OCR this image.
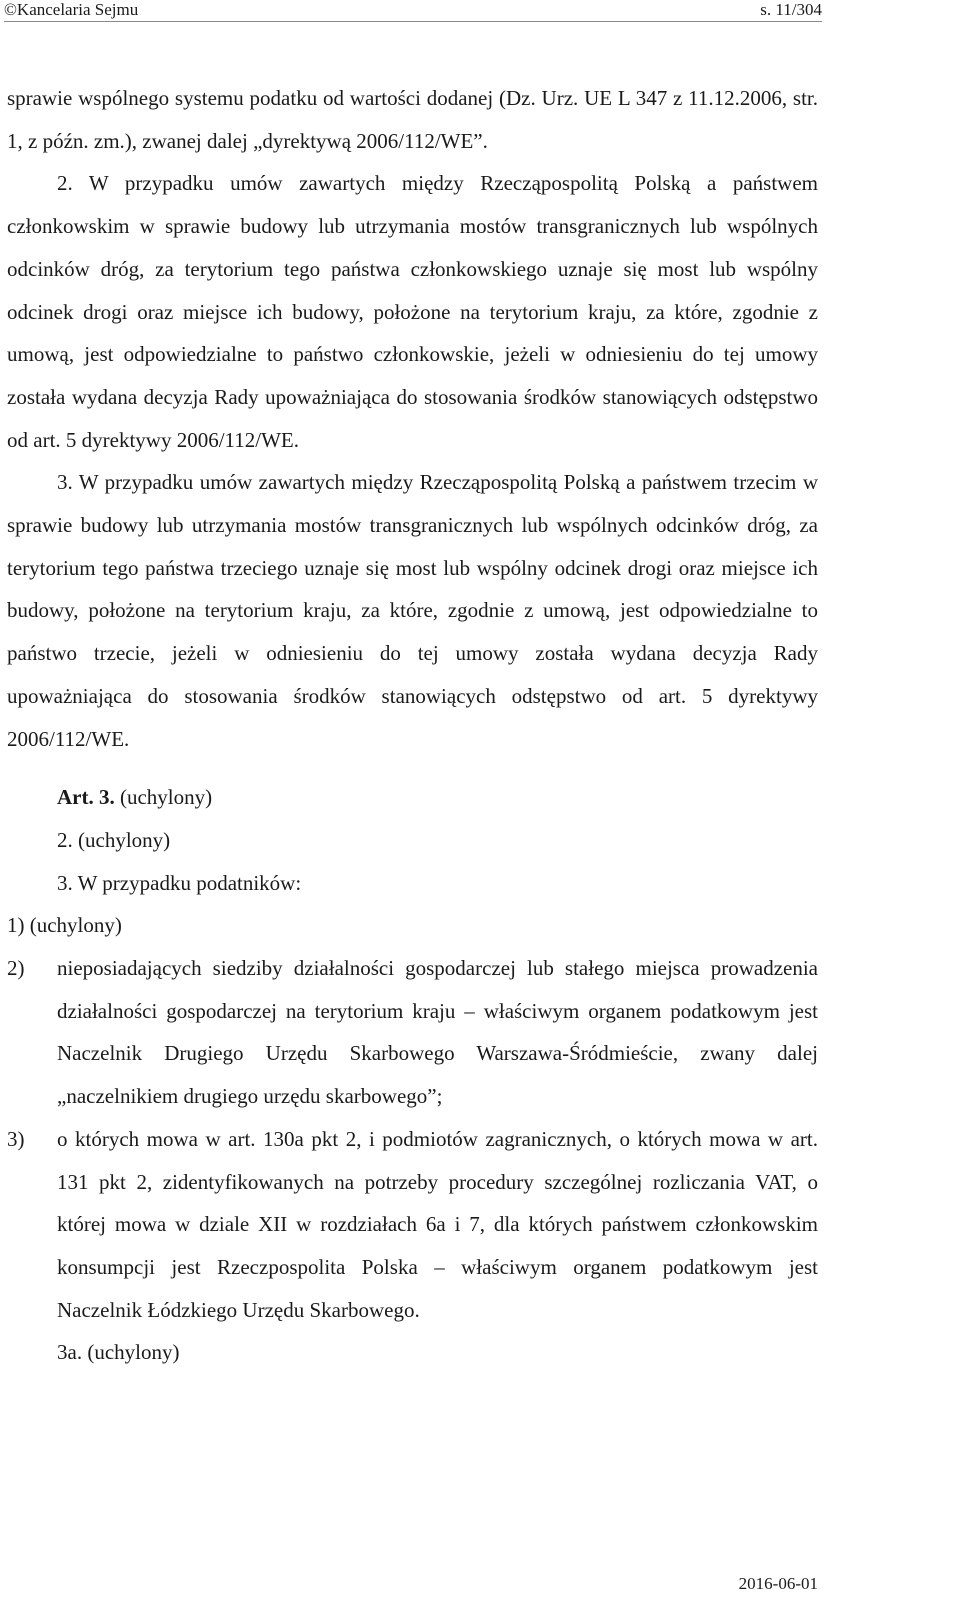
©Kancelaria Sejmu	s. 11/304

sprawie wspólnego systemu podatku od wartości dodanej (Dz. Urz. UE L 347 z 11.12.2006, str. 1, z późn. zm.), zwanej dalej „dyrektywą 2006/112/WE”.

2. W przypadku umów zawartych między Rzecząpospolitą Polską a państwem członkowskim w sprawie budowy lub utrzymania mostów transgranicznych lub wspólnych odcinków dróg, za terytorium tego państwa członkowskiego uznaje się most lub wspólny odcinek drogi oraz miejsce ich budowy, położone na terytorium kraju, za które, zgodnie z umową, jest odpowiedzialne to państwo członkowskie, jeżeli w odniesieniu do tej umowy została wydana decyzja Rady upoważniająca do stosowania środków stanowiących odstępstwo od art. 5 dyrektywy 2006/112/WE.

3. W przypadku umów zawartych między Rzecząpospolitą Polską a państwem trzecim w sprawie budowy lub utrzymania mostów transgranicznych lub wspólnych odcinków dróg, za terytorium tego państwa trzeciego uznaje się most lub wspólny odcinek drogi oraz miejsce ich budowy, położone na terytorium kraju, za które, zgodnie z umową, jest odpowiedzialne to państwo trzecie, jeżeli w odniesieniu do tej umowy została wydana decyzja Rady upoważniająca do stosowania środków stanowiących odstępstwo od art. 5 dyrektywy 2006/112/WE.

Art. 3. (uchylony)

2. (uchylony)

3. W przypadku podatników:

1) (uchylony)

2) nieposiadających siedziby działalności gospodarczej lub stałego miejsca prowadzenia działalności gospodarczej na terytorium kraju – właściwym organem podatkowym jest Naczelnik Drugiego Urzędu Skarbowego Warszawa-Śródmieście, zwany dalej „naczelnikiem drugiego urzędu skarbowego”;
3) o których mowa w art. 130a pkt 2, i podmiotów zagranicznych, o których mowa w art. 131 pkt 2, zidentyfikowanych na potrzeby procedury szczególnej rozliczania VAT, o której mowa w dziale XII w rozdziałach 6a i 7, dla których państwem członkowskim konsumpcji jest Rzeczpospolita Polska – właściwym organem podatkowym jest Naczelnik Łódzkiego Urzędu Skarbowego.

3a. (uchylony)

2016-06-01
